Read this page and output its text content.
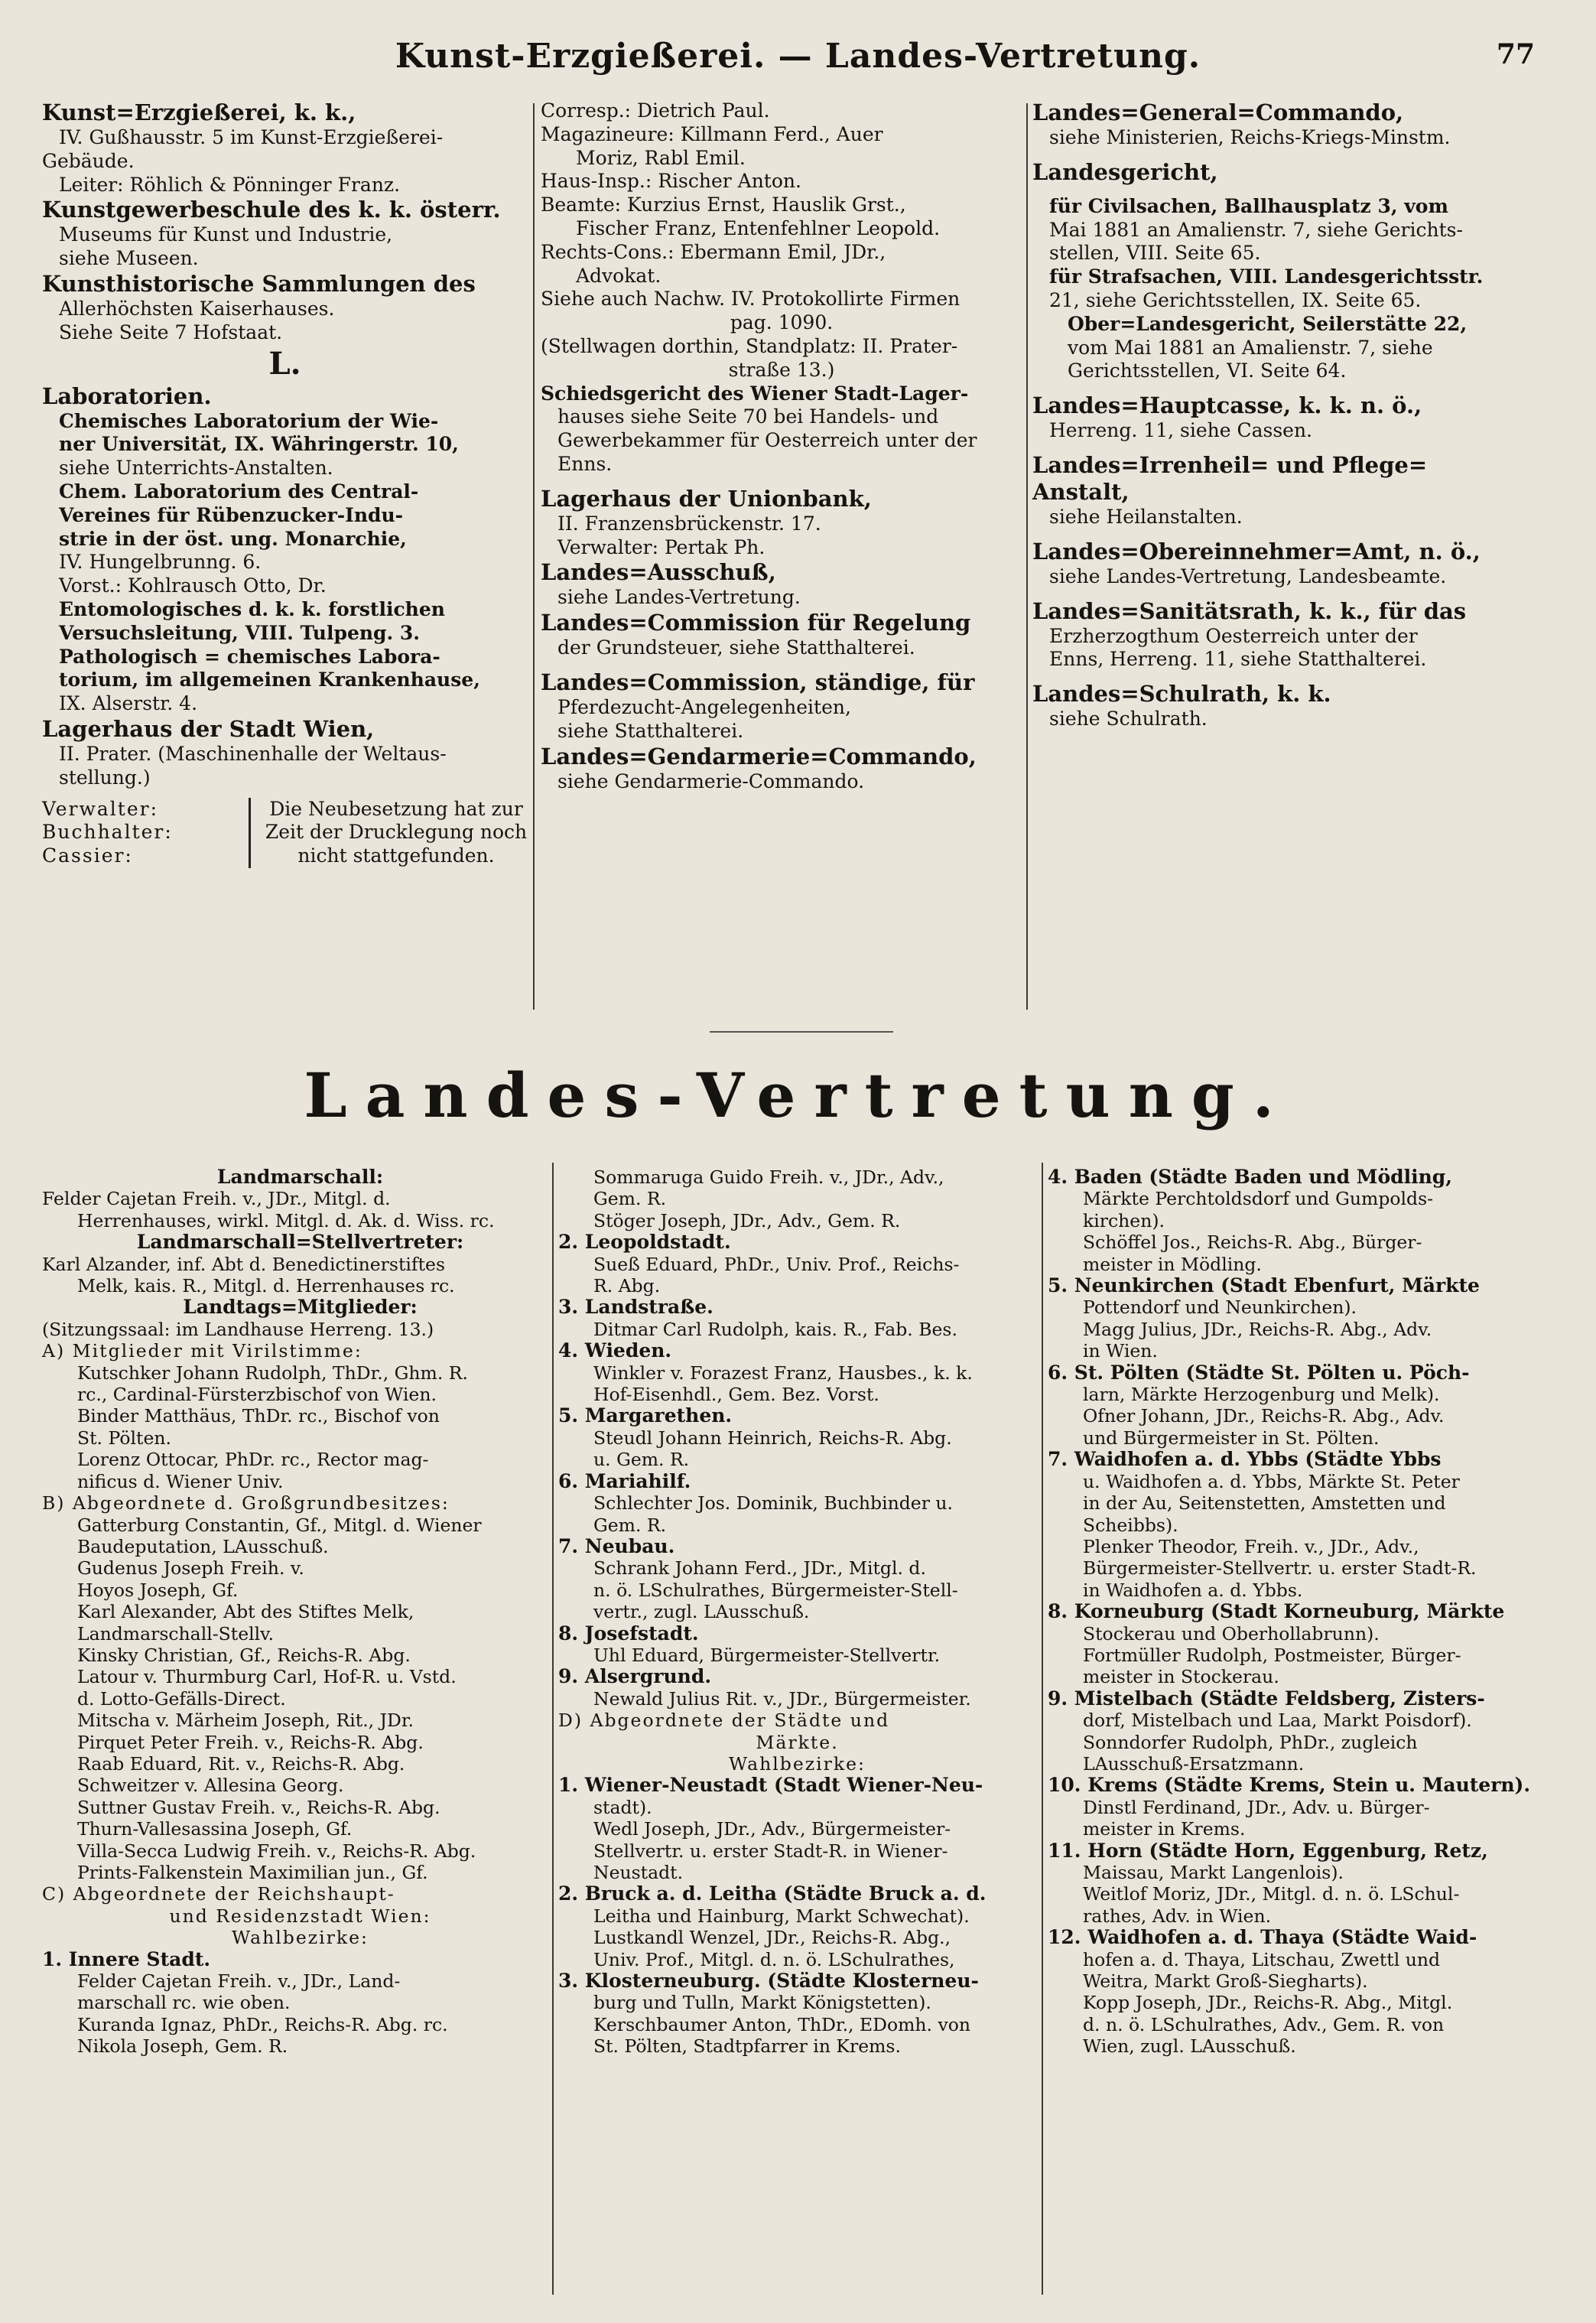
Kunst-Erzgießerei. — Landes-Vertretung.	77

Kunst=Erzgießerei, k. k.,

IV. Gußhausstr. 5 im Kunst-Erzgießerei-

Gebäude.

Leiter: Röhlich & Pönninger Franz.

Kunstgewerbeschule des k. k. österr.

Museums für Kunst und Industrie,

siehe Museen.

Kunsthistorische Sammlungen des

Allerhöchsten Kaiserhauses.

Siehe Seite 7 Hofstaat.

L.

Laboratorien.

Chemisches Laboratorium der Wie-

ner Universität, IX. Währingerstr. 10,

siehe Unterrichts-Anstalten.

Chem. Laboratorium des Central-

Vereines für Rübenzucker-Indu-

strie in der öst. ung. Monarchie,

IV. Hungelbrunng. 6.

Vorst.: Kohlrausch Otto, Dr.

Entomologisches d. k. k. forstlichen

Versuchsleitung, VIII. Tulpeng. 3.

Pathologisch = chemisches Labora-

torium, im allgemeinen Krankenhause,

IX. Alserstr. 4.

Lagerhaus der Stadt Wien,

II. Prater. (Maschinenhalle der Weltaus-

stellung.)

Verwalter:
Buchhalter:
Cassier:
Die Neubesetzung hat zur
Zeit der Drucklegung noch
nicht stattgefunden.

Corresp.: Dietrich Paul.

Magazineure: Killmann Ferd., Auer

Moriz, Rabl Emil.

Haus-Insp.: Rischer Anton.

Beamte: Kurzius Ernst, Hauslik Grst.,

Fischer Franz, Entenfehlner Leopold.

Rechts-Cons.: Ebermann Emil, JDr.,

Advokat.

Siehe auch Nachw. IV. Protokollirte Firmen

pag. 1090.

(Stellwagen dorthin, Standplatz: II. Prater-

straße 13.)

Schiedsgericht des Wiener Stadt-Lager-

hauses siehe Seite 70 bei Handels- und

Gewerbekammer für Oesterreich unter der

Enns.

Lagerhaus der Unionbank,

II. Franzensbrückenstr. 17.

Verwalter: Pertak Ph.

Landes=Ausschuß,

siehe Landes-Vertretung.

Landes=Commission für Regelung

der Grundsteuer, siehe Statthalterei.

Landes=Commission, ständige, für

Pferdezucht-Angelegenheiten,

siehe Statthalterei.

Landes=Gendarmerie=Commando,

siehe Gendarmerie-Commando.

Landes=General=Commando,

siehe Ministerien, Reichs-Kriegs-Minstm.

Landesgericht,

für Civilsachen, Ballhausplatz 3, vom

Mai 1881 an Amalienstr. 7, siehe Gerichts-

stellen, VIII. Seite 65.

für Strafsachen, VIII. Landesgerichtsstr.

21, siehe Gerichtsstellen, IX. Seite 65.

Ober=Landesgericht, Seilerstätte 22,

vom Mai 1881 an Amalienstr. 7, siehe

Gerichtsstellen, VI. Seite 64.

Landes=Hauptcasse, k. k. n. ö.,

Herreng. 11, siehe Cassen.

Landes=Irrenheil= und Pflege=

Anstalt,

siehe Heilanstalten.

Landes=Obereinnehmer=Amt, n. ö.,

siehe Landes-Vertretung, Landesbeamte.

Landes=Sanitätsrath, k. k., für das

Erzherzogthum Oesterreich unter der

Enns, Herreng. 11, siehe Statthalterei.

Landes=Schulrath, k. k.

siehe Schulrath.

Landes-Vertretung.

Landmarschall:

Felder Cajetan Freih. v., JDr., Mitgl. d.

Herrenhauses, wirkl. Mitgl. d. Ak. d. Wiss. rc.

Landmarschall=Stellvertreter:

Karl Alzander, inf. Abt d. Benedictinerstiftes

Melk, kais. R., Mitgl. d. Herrenhauses rc.

Landtags=Mitglieder:

(Sitzungssaal: im Landhause Herreng. 13.)

A) Mitglieder mit Virilstimme:

Kutschker Johann Rudolph, ThDr., Ghm. R.

rc., Cardinal-Fürsterzbischof von Wien.

Binder Matthäus, ThDr. rc., Bischof von

St. Pölten.

Lorenz Ottocar, PhDr. rc., Rector mag-

nificus d. Wiener Univ.

B) Abgeordnete d. Großgrundbesitzes:

Gatterburg Constantin, Gf., Mitgl. d. Wiener

Baudeputation, LAusschuß.

Gudenus Joseph Freih. v.

Hoyos Joseph, Gf.

Karl Alexander, Abt des Stiftes Melk,

Landmarschall-Stellv.

Kinsky Christian, Gf., Reichs-R. Abg.

Latour v. Thurmburg Carl, Hof-R. u. Vstd.

d. Lotto-Gefälls-Direct.

Mitscha v. Märheim Joseph, Rit., JDr.

Pirquet Peter Freih. v., Reichs-R. Abg.

Raab Eduard, Rit. v., Reichs-R. Abg.

Schweitzer v. Allesina Georg.

Suttner Gustav Freih. v., Reichs-R. Abg.

Thurn-Vallesassina Joseph, Gf.

Villa-Secca Ludwig Freih. v., Reichs-R. Abg.

Prints-Falkenstein Maximilian jun., Gf.

C) Abgeordnete der Reichshaupt-

und Residenzstadt Wien:

Wahlbezirke:

1. Innere Stadt.

Felder Cajetan Freih. v., JDr., Land-

marschall rc. wie oben.

Kuranda Ignaz, PhDr., Reichs-R. Abg. rc.

Nikola Joseph, Gem. R.

Sommaruga Guido Freih. v., JDr., Adv.,

Gem. R.

Stöger Joseph, JDr., Adv., Gem. R.

2. Leopoldstadt.

Sueß Eduard, PhDr., Univ. Prof., Reichs-

R. Abg.

3. Landstraße.

Ditmar Carl Rudolph, kais. R., Fab. Bes.

4. Wieden.

Winkler v. Forazest Franz, Hausbes., k. k.

Hof-Eisenhdl., Gem. Bez. Vorst.

5. Margarethen.

Steudl Johann Heinrich, Reichs-R. Abg.

u. Gem. R.

6. Mariahilf.

Schlechter Jos. Dominik, Buchbinder u.

Gem. R.

7. Neubau.

Schrank Johann Ferd., JDr., Mitgl. d.

n. ö. LSchulrathes, Bürgermeister-Stell-

vertr., zugl. LAusschuß.

8. Josefstadt.

Uhl Eduard, Bürgermeister-Stellvertr.

9. Alsergrund.

Newald Julius Rit. v., JDr., Bürgermeister.

D) Abgeordnete der Städte und

Märkte.

Wahlbezirke:

1. Wiener-Neustadt (Stadt Wiener-Neu-

stadt).

Wedl Joseph, JDr., Adv., Bürgermeister-

Stellvertr. u. erster Stadt-R. in Wiener-

Neustadt.

2. Bruck a. d. Leitha (Städte Bruck a. d.

Leitha und Hainburg, Markt Schwechat).

Lustkandl Wenzel, JDr., Reichs-R. Abg.,

Univ. Prof., Mitgl. d. n. ö. LSchulrathes,

3. Klosterneuburg. (Städte Klosterneu-

burg und Tulln, Markt Königstetten).

Kerschbaumer Anton, ThDr., EDomh. von

St. Pölten, Stadtpfarrer in Krems.

4. Baden (Städte Baden und Mödling,

Märkte Perchtoldsdorf und Gumpolds-

kirchen).

Schöffel Jos., Reichs-R. Abg., Bürger-

meister in Mödling.

5. Neunkirchen (Stadt Ebenfurt, Märkte

Pottendorf und Neunkirchen).

Magg Julius, JDr., Reichs-R. Abg., Adv.

in Wien.

6. St. Pölten (Städte St. Pölten u. Pöch-

larn, Märkte Herzogenburg und Melk).

Ofner Johann, JDr., Reichs-R. Abg., Adv.

und Bürgermeister in St. Pölten.

7. Waidhofen a. d. Ybbs (Städte Ybbs

u. Waidhofen a. d. Ybbs, Märkte St. Peter

in der Au, Seitenstetten, Amstetten und

Scheibbs).

Plenker Theodor, Freih. v., JDr., Adv.,

Bürgermeister-Stellvertr. u. erster Stadt-R.

in Waidhofen a. d. Ybbs.

8. Korneuburg (Stadt Korneuburg, Märkte

Stockerau und Oberhollabrunn).

Fortmüller Rudolph, Postmeister, Bürger-

meister in Stockerau.

9. Mistelbach (Städte Feldsberg, Zisters-

dorf, Mistelbach und Laa, Markt Poisdorf).

Sonndorfer Rudolph, PhDr., zugleich

LAusschuß-Ersatzmann.

10. Krems (Städte Krems, Stein u. Mautern).

Dinstl Ferdinand, JDr., Adv. u. Bürger-

meister in Krems.

11. Horn (Städte Horn, Eggenburg, Retz,

Maissau, Markt Langenlois).

Weitlof Moriz, JDr., Mitgl. d. n. ö. LSchul-

rathes, Adv. in Wien.

12. Waidhofen a. d. Thaya (Städte Waid-

hofen a. d. Thaya, Litschau, Zwettl und

Weitra, Markt Groß-Siegharts).

Kopp Joseph, JDr., Reichs-R. Abg., Mitgl.

d. n. ö. LSchulrathes, Adv., Gem. R. von

Wien, zugl. LAusschuß.
